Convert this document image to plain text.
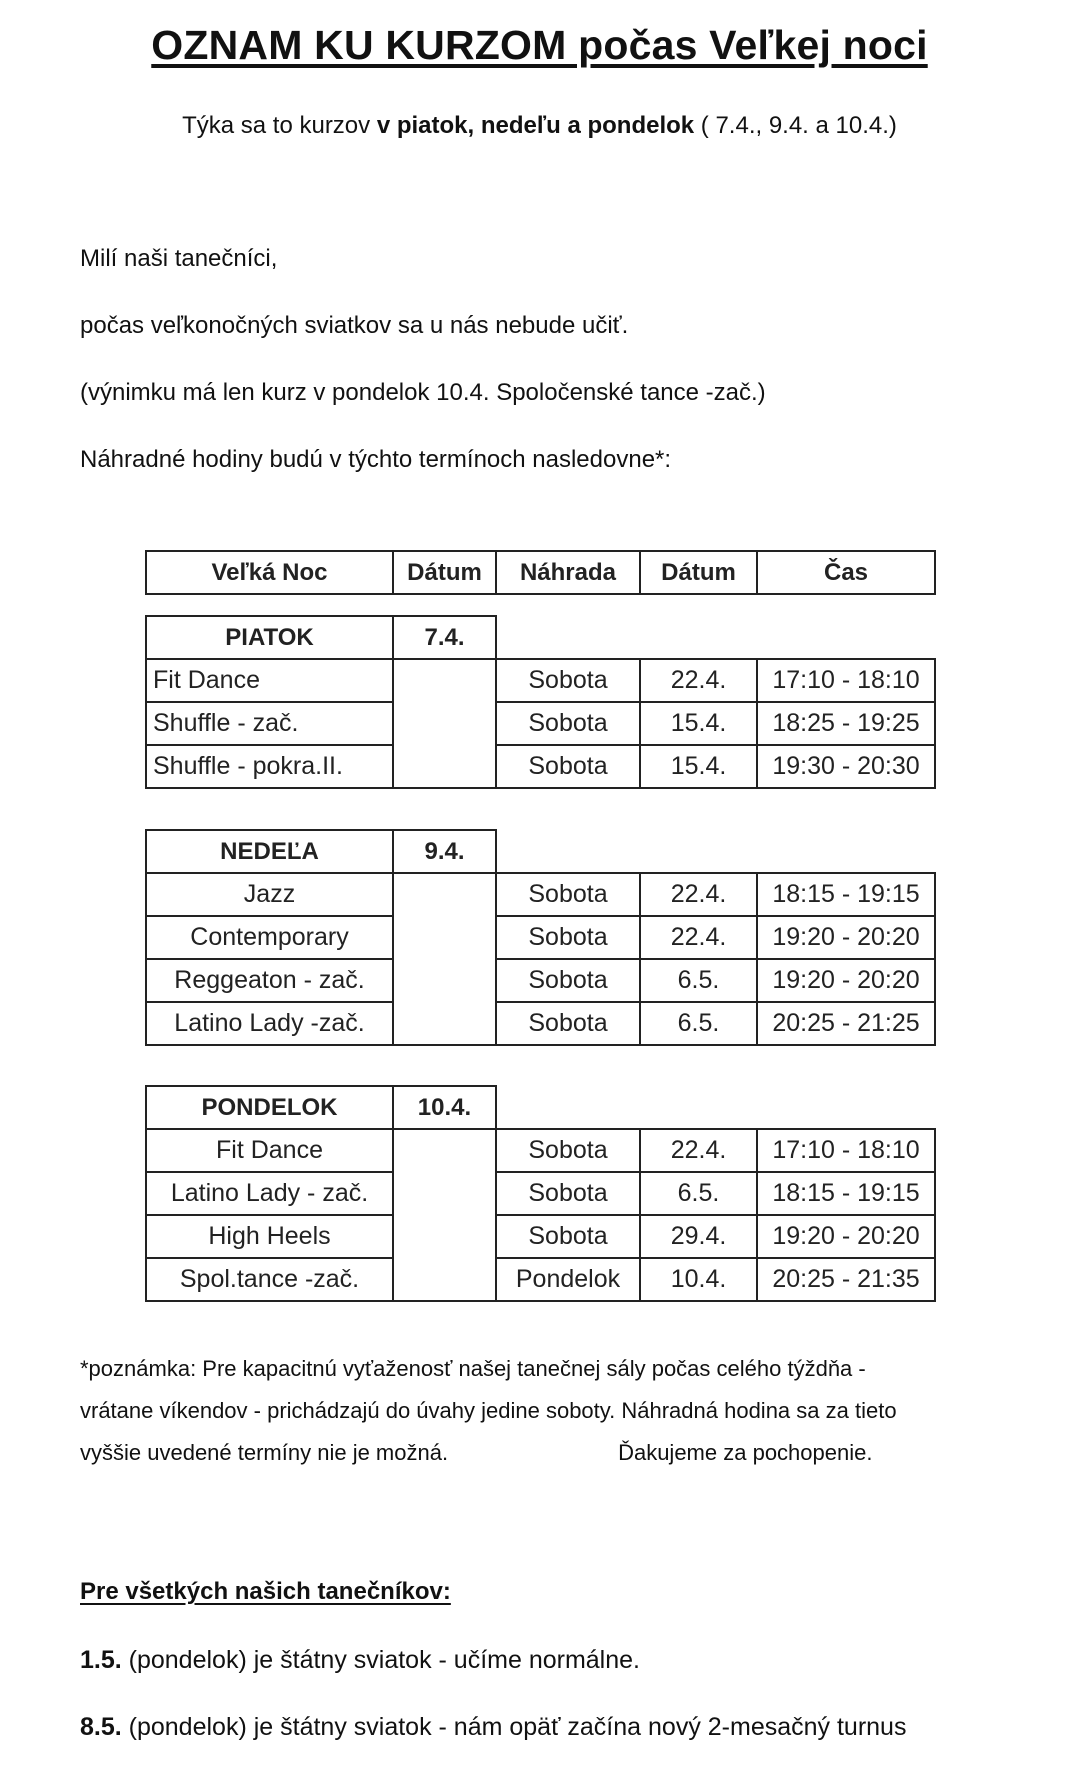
OZNAM KU KURZOM počas Veľkej noci
Týka sa to kurzov v piatok, nedeľu a pondelok ( 7.4., 9.4. a 10.4.)
Milí naši tanečníci,
počas veľkonočných sviatkov sa u nás nebude učiť.
(výnimku má len kurz v pondelok 10.4. Spoločenské tance -zač.)
Náhradné hodiny budú v týchto termínoch nasledovne*:
Veľká Noc	Dátum	Náhrada	Dátum	Čas
PIATOK	7.4.
Fit Dance	Sobota	22.4.	17:10 - 18:10
Shuffle - zač.	Sobota	15.4.	18:25 - 19:25
Shuffle - pokra.II.	Sobota	15.4.	19:30 - 20:30
NEDEĽA	9.4.
Jazz	Sobota	22.4.	18:15 - 19:15
Contemporary	Sobota	22.4.	19:20 - 20:20
Reggeaton - zač.	Sobota	6.5.	19:20 - 20:20
Latino Lady -zač.	Sobota	6.5.	20:25 - 21:25
PONDELOK	10.4.
Fit Dance	Sobota	22.4.	17:10 - 18:10
Latino Lady - zač.	Sobota	6.5.	18:15 - 19:15
High Heels	Sobota	29.4.	19:20 - 20:20
Spol.tance -zač.	Pondelok	10.4.	20:25 - 21:35
*poznámka: Pre kapacitnú vyťaženosť našej tanečnej sály počas celého týždňa -
vrátane víkendov - prichádzajú do úvahy jedine soboty. Náhradná hodina sa za tieto
vyššie uvedené termíny nie je možná.	Ďakujeme za pochopenie.
Pre všetkých našich tanečníkov:
1.5. (pondelok) je štátny sviatok - učíme normálne.
8.5. (pondelok) je štátny sviatok - nám opäť začína nový 2-mesačný turnus
